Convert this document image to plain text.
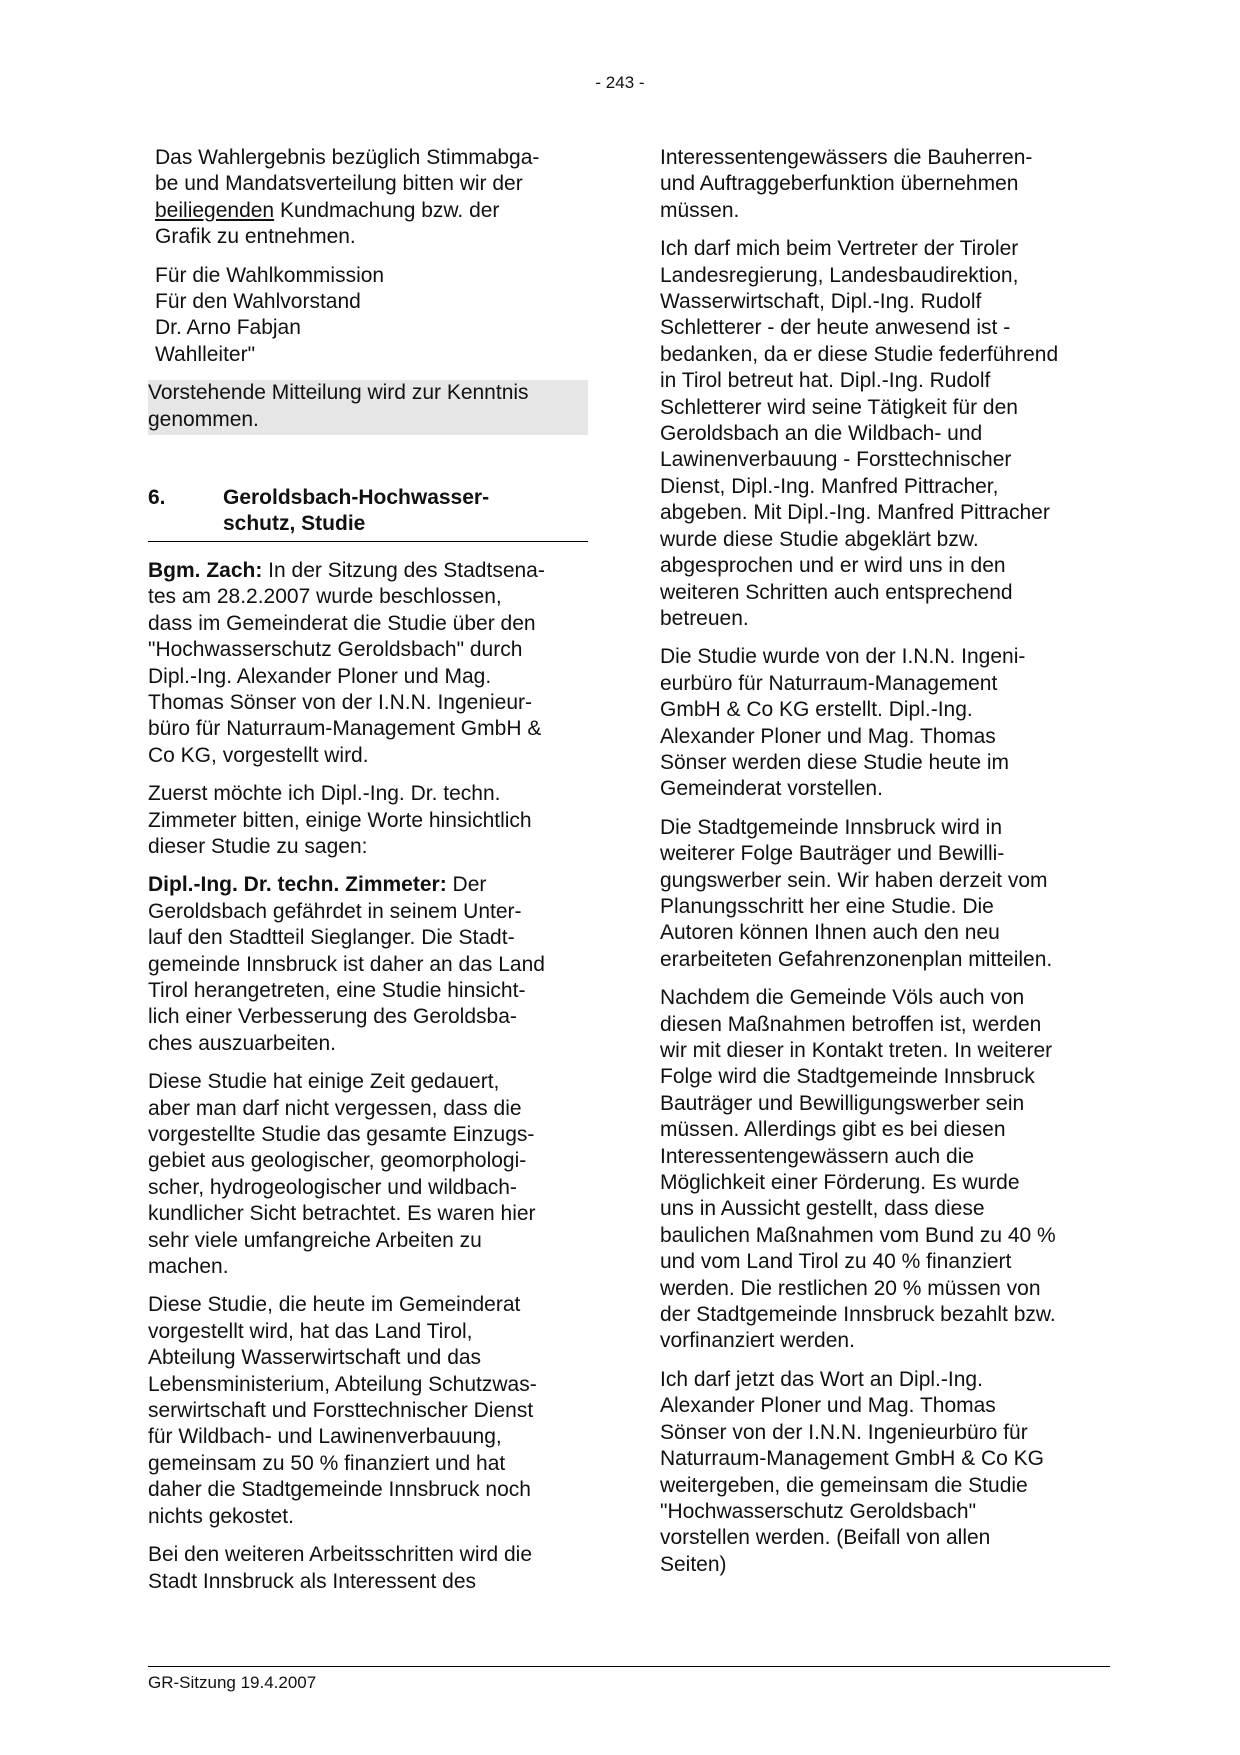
- 243 -
Das Wahlergebnis bezüglich Stimmabga-
be und Mandatsverteilung bitten wir der
beiliegenden Kundmachung bzw. der
Grafik zu entnehmen.
Für die Wahlkommission
Für den Wahlvorstand
Dr. Arno Fabjan
Wahlleiter"
Vorstehende Mitteilung wird zur Kenntnis
genommen.
6.	Geroldsbach-Hochwasser-
schutz, Studie
Bgm. Zach: In der Sitzung des Stadtsena-
tes am 28.2.2007 wurde beschlossen,
dass im Gemeinderat die Studie über den
"Hochwasserschutz Geroldsbach" durch
Dipl.-Ing. Alexander Ploner und Mag.
Thomas Sönser von der I.N.N. Ingenieur-
büro für Naturraum-Management GmbH &
Co KG, vorgestellt wird.
Zuerst möchte ich Dipl.-Ing. Dr. techn.
Zimmeter bitten, einige Worte hinsichtlich
dieser Studie zu sagen:
Dipl.-Ing. Dr. techn. Zimmeter: Der
Geroldsbach gefährdet in seinem Unter-
lauf den Stadtteil Sieglanger. Die Stadt-
gemeinde Innsbruck ist daher an das Land
Tirol herangetreten, eine Studie hinsicht-
lich einer Verbesserung des Geroldsba-
ches auszuarbeiten.
Diese Studie hat einige Zeit gedauert,
aber man darf nicht vergessen, dass die
vorgestellte Studie das gesamte Einzugs-
gebiet aus geologischer, geomorphologi-
scher, hydrogeologischer und wildbach-
kundlicher Sicht betrachtet. Es waren hier
sehr viele umfangreiche Arbeiten zu
machen.
Diese Studie, die heute im Gemeinderat
vorgestellt wird, hat das Land Tirol,
Abteilung Wasserwirtschaft und das
Lebensministerium, Abteilung Schutzwas-
serwirtschaft und Forsttechnischer Dienst
für Wildbach- und Lawinenverbauung,
gemeinsam zu 50 % finanziert und hat
daher die Stadtgemeinde Innsbruck noch
nichts gekostet.
Bei den weiteren Arbeitsschritten wird die
Stadt Innsbruck als Interessent des
Interessentengewässers die Bauherren-
und Auftraggeberfunktion übernehmen
müssen.
Ich darf mich beim Vertreter der Tiroler
Landesregierung, Landesbaudirektion,
Wasserwirtschaft, Dipl.-Ing. Rudolf
Schletterer - der heute anwesend ist -
bedanken, da er diese Studie federführend
in Tirol betreut hat. Dipl.-Ing. Rudolf
Schletterer wird seine Tätigkeit für den
Geroldsbach an die Wildbach- und
Lawinenverbauung - Forsttechnischer
Dienst, Dipl.-Ing. Manfred Pittracher,
abgeben. Mit Dipl.-Ing. Manfred Pittracher
wurde diese Studie abgeklärt bzw.
abgesprochen und er wird uns in den
weiteren Schritten auch entsprechend
betreuen.
Die Studie wurde von der I.N.N. Ingeni-
eurbüro für Naturraum-Management
GmbH & Co KG erstellt. Dipl.-Ing.
Alexander Ploner und Mag. Thomas
Sönser werden diese Studie heute im
Gemeinderat vorstellen.
Die Stadtgemeinde Innsbruck wird in
weiterer Folge Bauträger und Bewilli-
gungswerber sein. Wir haben derzeit vom
Planungsschritt her eine Studie. Die
Autoren können Ihnen auch den neu
erarbeiteten Gefahrenzonenplan mitteilen.
Nachdem die Gemeinde Völs auch von
diesen Maßnahmen betroffen ist, werden
wir mit dieser in Kontakt treten. In weiterer
Folge wird die Stadtgemeinde Innsbruck
Bauträger und Bewilligungswerber sein
müssen. Allerdings gibt es bei diesen
Interessentengewässern auch die
Möglichkeit einer Förderung. Es wurde
uns in Aussicht gestellt, dass diese
baulichen Maßnahmen vom Bund zu 40 %
und vom Land Tirol zu 40 % finanziert
werden. Die restlichen 20 % müssen von
der Stadtgemeinde Innsbruck bezahlt bzw.
vorfinanziert werden.
Ich darf jetzt das Wort an Dipl.-Ing.
Alexander Ploner und Mag. Thomas
Sönser von der I.N.N. Ingenieurbüro für
Naturraum-Management GmbH & Co KG
weitergeben, die gemeinsam die Studie
"Hochwasserschutz Geroldsbach"
vorstellen werden. (Beifall von allen
Seiten)
GR-Sitzung 19.4.2007
